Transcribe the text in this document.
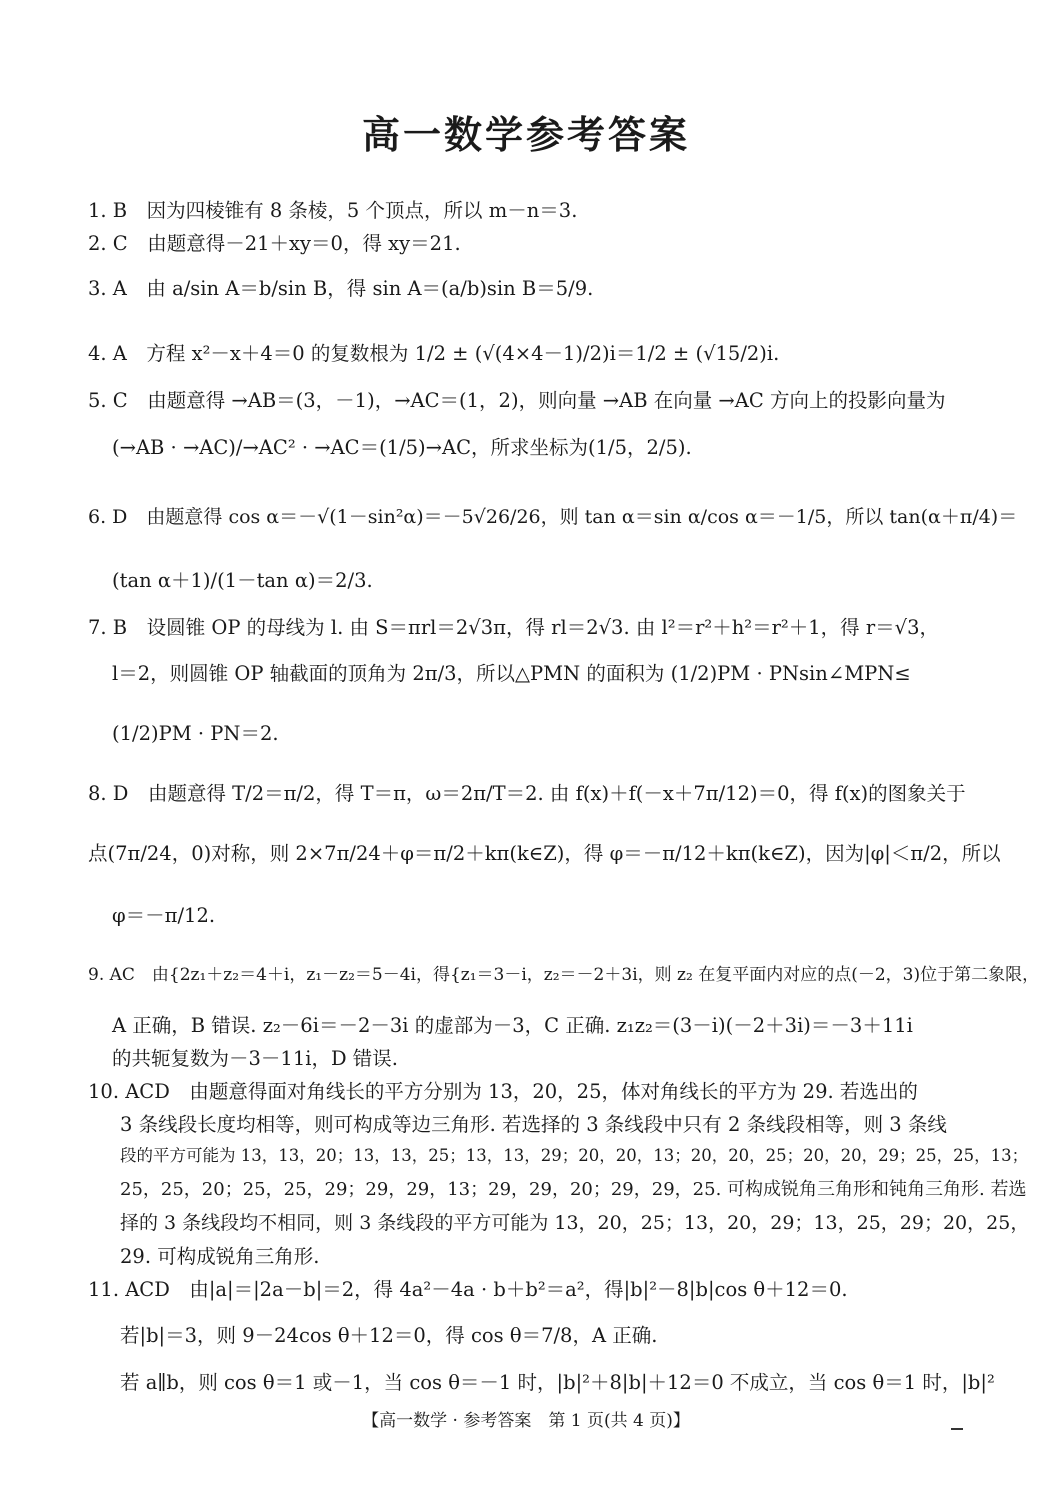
高一数学参考答案
1. B　因为四棱锥有 8 条棱，5 个顶点，所以 m－n＝3.
2. C　由题意得－21＋xy＝0，得 xy＝21.
3. A　由 a/sin A＝b/sin B，得 sin A＝(a/b)sin B＝5/9.
4. A　方程 x²－x＋4＝0 的复数根为 1/2 ± (√(4×4－1)/2)i＝1/2 ± (√15/2)i.
5. C　由题意得 →AB＝(3，－1)，→AC＝(1，2)，则向量 →AB 在向量 →AC 方向上的投影向量为
(→AB · →AC)/→AC² · →AC＝(1/5)→AC，所求坐标为(1/5，2/5).
6. D　由题意得 cos α＝－√(1－sin²α)＝－5√26/26，则 tan α＝sin α/cos α＝－1/5，所以 tan(α＋π/4)＝
(tan α＋1)/(1－tan α)＝2/3.
7. B　设圆锥 OP 的母线为 l. 由 S＝πrl＝2√3π，得 rl＝2√3. 由 l²＝r²＋h²＝r²＋1，得 r＝√3，
l＝2，则圆锥 OP 轴截面的顶角为 2π/3，所以△PMN 的面积为 (1/2)PM · PNsin∠MPN≤
(1/2)PM · PN＝2.
8. D　由题意得 T/2＝π/2，得 T＝π，ω＝2π/T＝2. 由 f(x)＋f(－x＋7π/12)＝0，得 f(x)的图象关于
点(7π/24，0)对称，则 2×7π/24＋φ＝π/2＋kπ(k∈Z)，得 φ＝－π/12＋kπ(k∈Z)，因为|φ|＜π/2，所以
φ＝－π/12.
9. AC　由{2z₁＋z₂＝4＋i，z₁－z₂＝5－4i，得{z₁＝3－i，z₂＝－2＋3i，则 z₂ 在复平面内对应的点(－2，3)位于第二象限，
A 正确，B 错误. z₂－6i＝－2－3i 的虚部为－3，C 正确. z₁z₂＝(3－i)(－2＋3i)＝－3＋11i
的共轭复数为－3－11i，D 错误.
10. ACD　由题意得面对角线长的平方分别为 13，20，25，体对角线长的平方为 29. 若选出的
3 条线段长度均相等，则可构成等边三角形. 若选择的 3 条线段中只有 2 条线段相等，则 3 条线
段的平方可能为 13，13，20；13，13，25；13，13，29；20，20，13；20，20，25；20，20，29；25，25，13；
25，25，20；25，25，29；29，29，13；29，29，20；29，29，25. 可构成锐角三角形和钝角三角形. 若选
择的 3 条线段均不相同，则 3 条线段的平方可能为 13，20，25；13，20，29；13，25，29；20，25，
29. 可构成锐角三角形.
11. ACD　由|a|＝|2a－b|＝2，得 4a²－4a · b＋b²＝a²，得|b|²－8|b|cos θ＋12＝0.
若|b|＝3，则 9－24cos θ＋12＝0，得 cos θ＝7/8，A 正确.
若 a∥b，则 cos θ＝1 或－1，当 cos θ＝－1 时，|b|²＋8|b|＋12＝0 不成立，当 cos θ＝1 时，|b|²
【高一数学 · 参考答案　第 1 页(共 4 页)】
